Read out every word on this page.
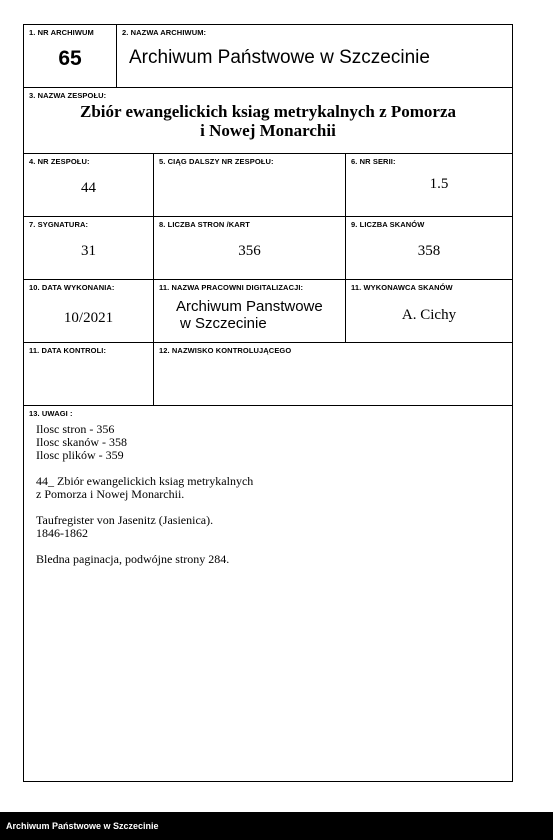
1. NR ARCHIWUM
65
2. NAZWA ARCHIWUM:
Archiwum Państwowe w Szczecinie
3. NAZWA ZESPOŁU:
Zbiór ewangelickich ksiag metrykalnych z Pomorza
i Nowej Monarchii
4. NR ZESPOŁU:
44
5. CIĄG DALSZY NR ZESPOŁU:	6. NR SERII:
1.5
7. SYGNATURA:
31
8. LICZBA STRON /KART
356
9. LICZBA SKANÓW
358
10. DATA WYKONANIA:
10/2021
11. NAZWA PRACOWNI DIGITALIZACJI:
Archiwum Panstwowe
w Szczecinie
11. WYKONAWCA SKANÓW
A. Cichy
11. DATA KONTROLI:	12. NAZWISKO KONTROLUJĄCEGO
13. UWAGI :
Ilosc stron - 356
Ilosc skanów - 358
Ilosc plików - 359
44_ Zbiór ewangelickich ksiag metrykalnych
z Pomorza i Nowej Monarchii.
Taufregister von Jasenitz (Jasienica).
1846-1862
Bledna paginacja, podwójne strony 284.
Archiwum Państwowe w Szczecinie
